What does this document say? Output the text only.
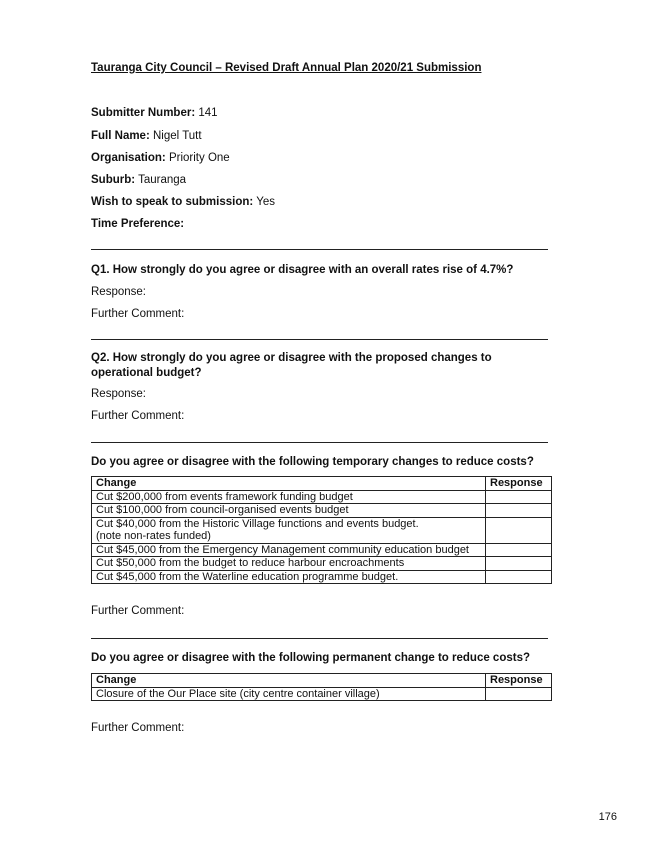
Tauranga City Council – Revised Draft Annual Plan 2020/21 Submission
Submitter Number: 141
Full Name: Nigel Tutt
Organisation: Priority One
Suburb: Tauranga
Wish to speak to submission: Yes
Time Preference:
Q1. How strongly do you agree or disagree with an overall rates rise of 4.7%?
Response:
Further Comment:
Q2. How strongly do you agree or disagree with the proposed changes to operational budget?
Response:
Further Comment:
Do you agree or disagree with the following temporary changes to reduce costs?
Change	Response
Cut $200,000 from events framework funding budget	
Cut $100,000 from council-organised events budget	
Cut $40,000 from the Historic Village functions and events budget.
(note non-rates funded)	
Cut $45,000 from the Emergency Management community education budget	
Cut $50,000 from the budget to reduce harbour encroachments	
Cut $45,000 from the Waterline education programme budget.	
Further Comment:
Do you agree or disagree with the following permanent change to reduce costs?
Change	Response
Closure of the Our Place site (city centre container village)	
Further Comment:
176
